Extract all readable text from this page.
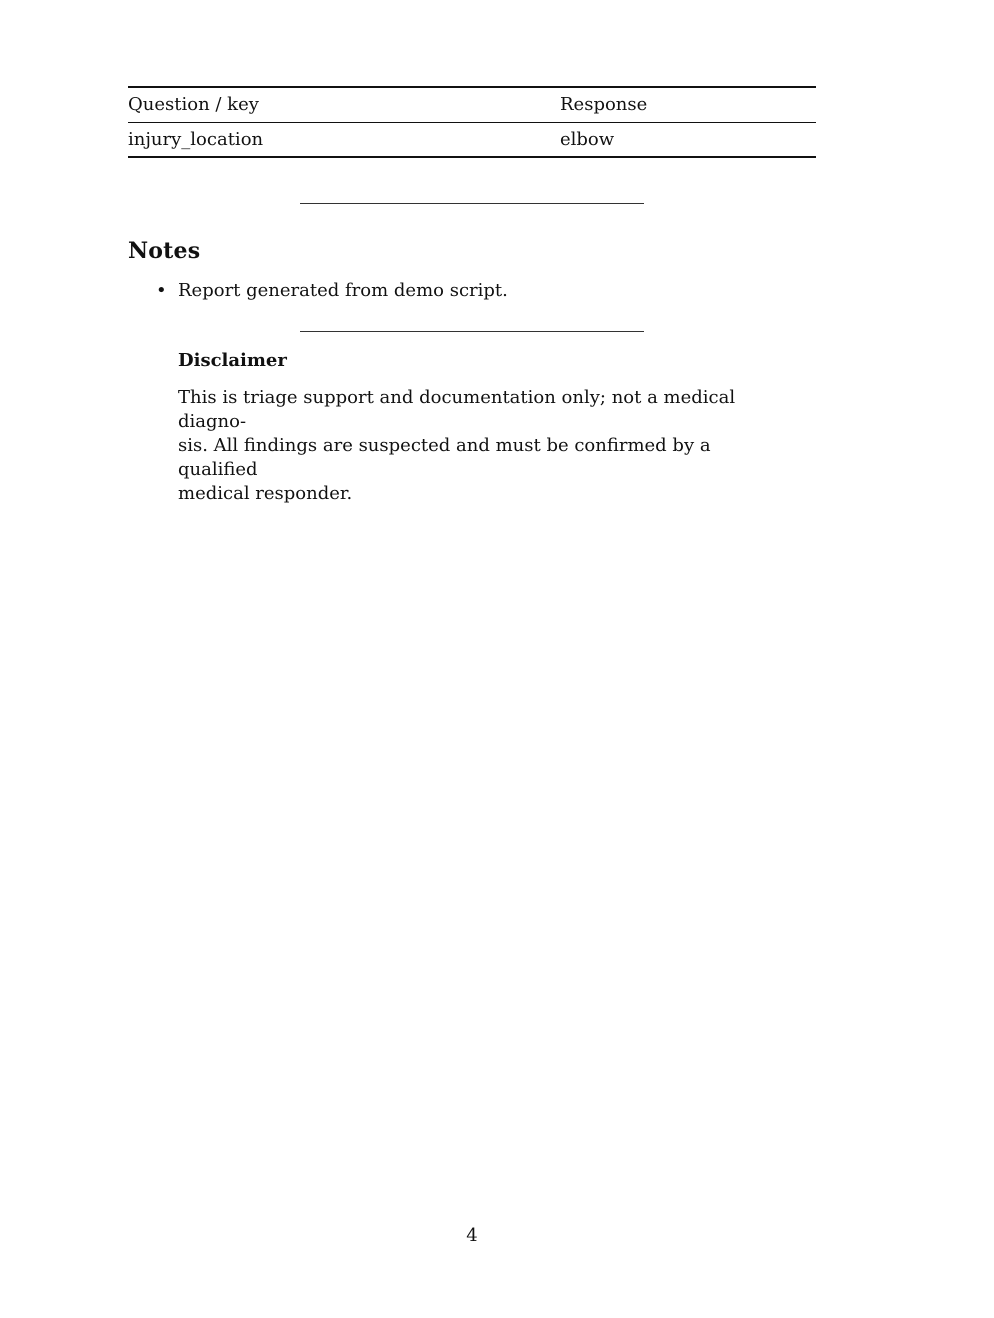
Question / key	Response
injury_location	elbow
Notes
• Report generated from demo script.
Disclaimer

This is triage support and documentation only; not a medical diagno-
sis. All findings are suspected and must be confirmed by a qualified
medical responder.

4
